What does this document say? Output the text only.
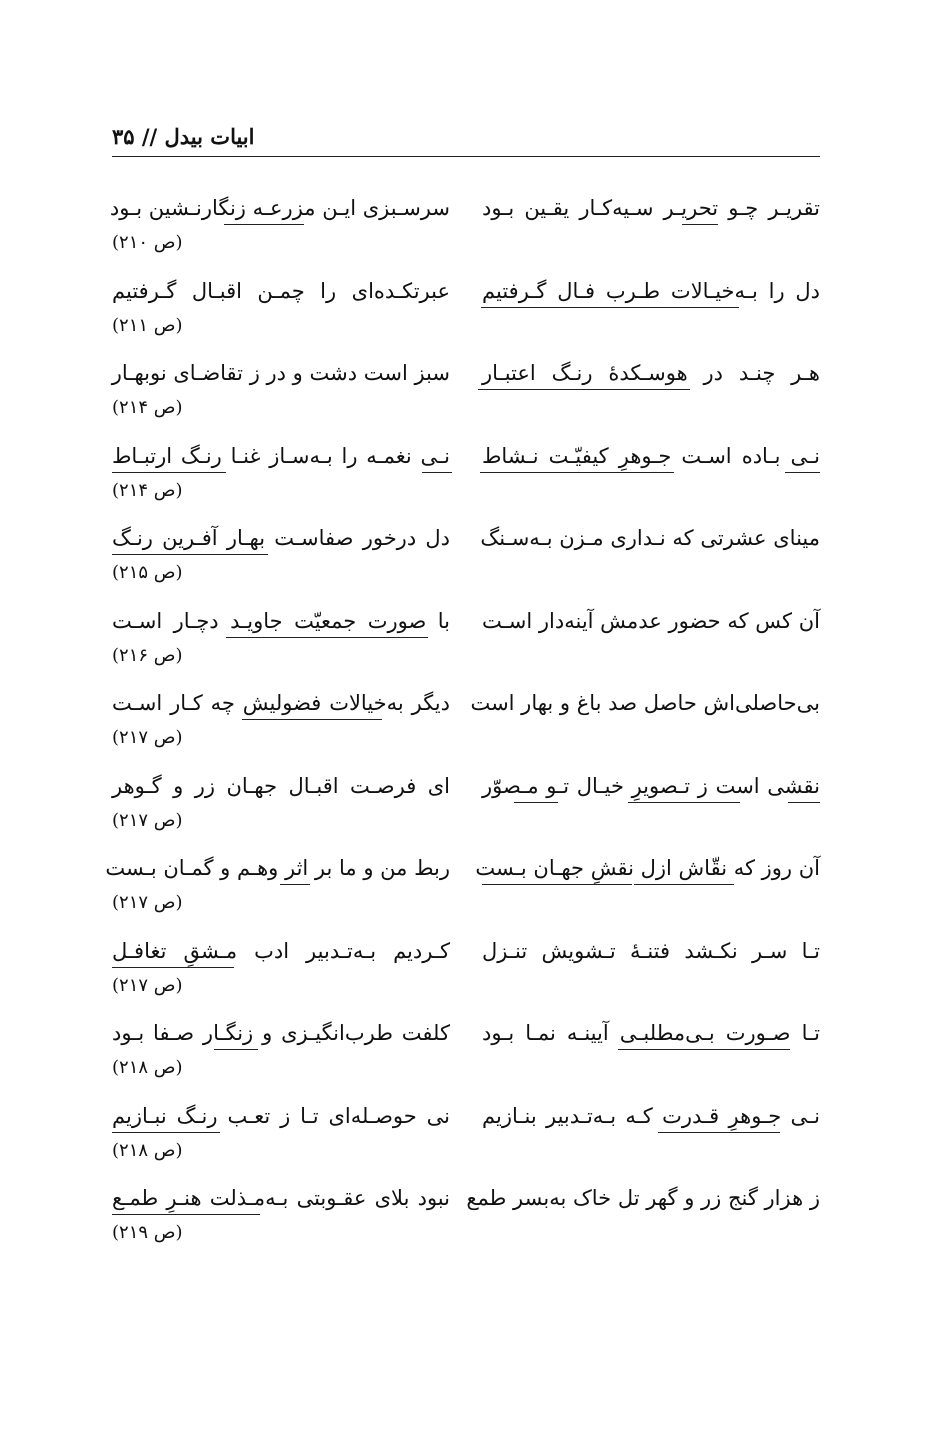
ابیات بیدل // ۳۵
تقریـر چـو تحریـر سـیه‌کـار یقـین بـود
سرسـبزی ایـن مزرعـه زنگارنـشین بـود
(ص ۲۱۰)
دل را بـه‌خیـالات طـرب فـال گـرفتیم
عبرتکـده‌ای را چمـن اقبـال گـرفتیم
(ص ۲۱۱)
هـر چنـد در هوسـکدهٔ رنـگ اعتبـار
سبز است دشت و در ز تقاضـای نوبهـار
(ص ۲۱۴)
نـی بـاده اسـت جـوهرِ کیفیّـت نـشاط
نـی نغمـه را بـه‌سـاز غنـا رنـگ ارتبـاط
(ص ۲۱۴)
مینای عشرتی که نـداری مـزن بـه‌سـنگ
دل درخور صفاسـت بهـار آفـرین رنـگ
(ص ۲۱۵)
آن کس که حضور عدمش آینه‌دار اسـت
با صورت جمعیّت جاویـد دچـار اسـت
(ص ۲۱۶)
بی‌حاصلی‌اش حاصل صد باغ و بهار است
دیگر به‌خیالات فضولیش چه کـار اسـت
(ص ۲۱۷)
نقشی است ز تـصویرِ خیـال تـو مـصوّر
ای فرصـت اقبـال جهـان زر و گـوهر
(ص ۲۱۷)
آن روز که نقّاش ازل نقشِ جهـان بـست
ربط من و ما بر اثر وهـم و گمـان بـست
(ص ۲۱۷)
تـا سـر نکـشد فتنـهٔ تـشویش تنـزل
کـردیم بـه‌تـدبیر ادب مـشقِ تغافـل
(ص ۲۱۷)
تـا صـورت بـی‌مطلبـی آیینـه نمـا بـود
کلفت طرب‌انگیـزی و زنگـار صـفا بـود
(ص ۲۱۸)
نـی جـوهرِ قـدرت کـه بـه‌تـدبیر بنـازیم
نی حوصـله‌ای تـا ز تعـب رنـگ نبـازیم
(ص ۲۱۸)
ز هزار گنج زر و گهر تل خاک به‌بسر طمع
نبود بلای عقـوبتی بـه‌مـذلت هنـرِ طمـع
(ص ۲۱۹)
